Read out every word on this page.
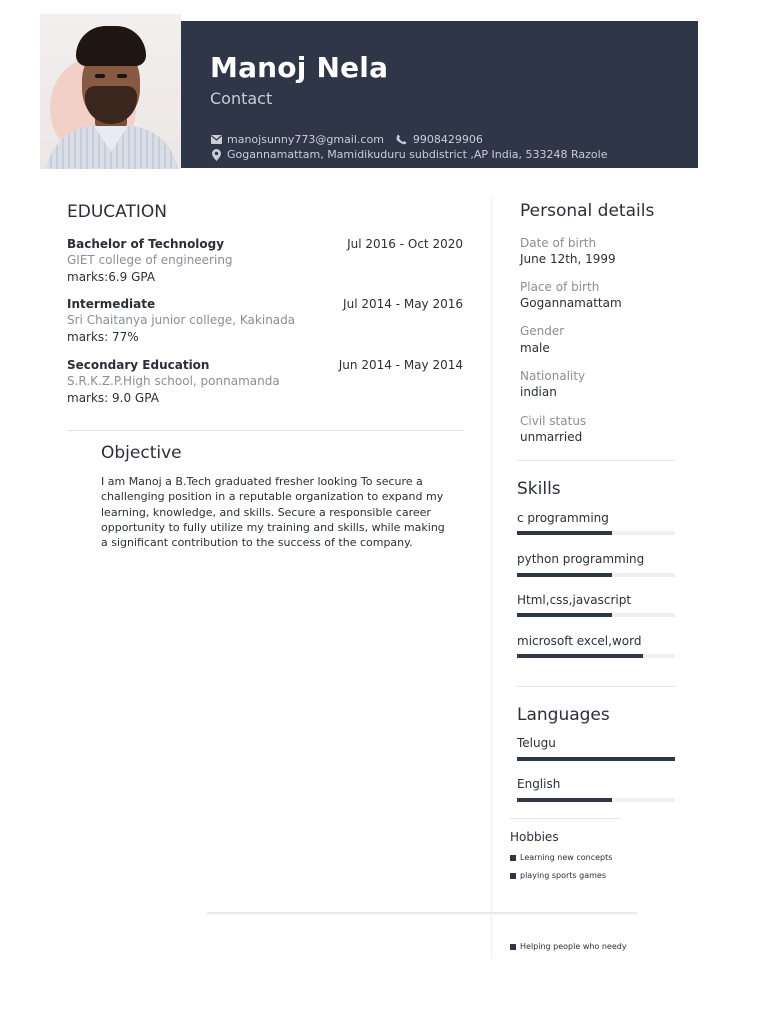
Manoj Nela
Contact
manojsunny773@gmail.com	9908429906
Gogannamattam, Mamidikuduru subdistrict ,AP India, 533248 Razole
EDUCATION
Bachelor of Technology	Jul 2016 - Oct 2020
GIET college of engineering
marks:6.9 GPA
Intermediate	Jul 2014 - May 2016
Sri Chaitanya junior college, Kakinada
marks: 77%
Secondary Education	Jun 2014 - May 2014
S.R.K.Z.P.High school, ponnamanda
marks: 9.0 GPA
Objective
I am Manoj a B.Tech graduated fresher looking To secure a challenging position in a reputable organization to expand my learning, knowledge, and skills. Secure a responsible career opportunity to fully utilize my training and skills, while making a significant contribution to the success of the company.
Personal details
Date of birth
June 12th, 1999
Place of birth
Gogannamattam
Gender
male
Nationality
indian
Civil status
unmarried
Skills
c programming
python programming
Html,css,javascript
microsoft excel,word
Languages
Telugu
English
Hobbies
Learning new concepts
playing sports games
Helping people who needy
